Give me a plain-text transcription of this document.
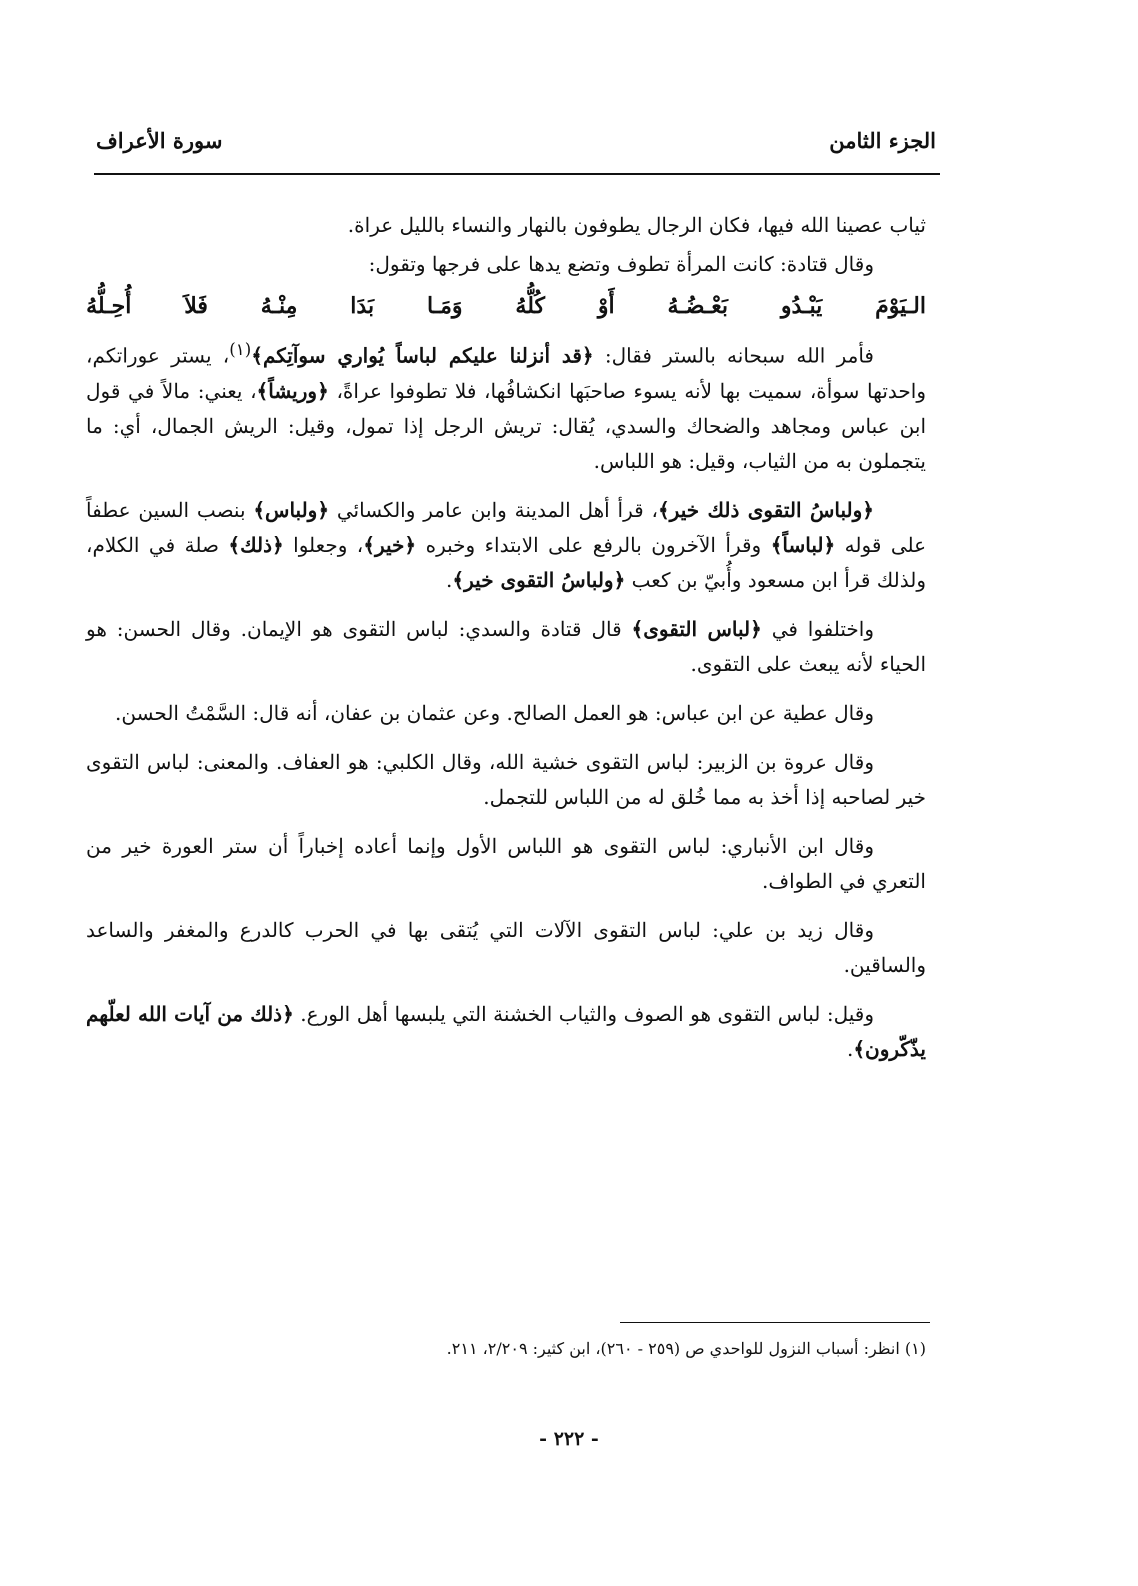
سورة الأعراف	الجزء الثامن

ثياب عصينا الله فيها، فكان الرجال يطوفون بالنهار والنساء بالليل عراة.

وقال قتادة: كانت المرأة تطوف وتضع يدها على فرجها وتقول:

الـيَوْمَ
يَبْـدُو
بَعْـضُـهُ
أَوْ
كُلُّهُ
وَمَـا
بَدَا
مِنْـهُ
فَلاَ
أُحِـلُّهُ

فأمر الله سبحانه بالستر فقال: ﴿قد أنزلنا عليكم لباساً يُواري سوآتِكم﴾$^{(١)}$، يستر عوراتكم، واحدتها سوأة، سميت بها لأنه يسوء صاحبَها انكشافُها، فلا تطوفوا عراةً، ﴿وريشاً﴾، يعني: مالاً في قول ابن عباس ومجاهد والضحاك والسدي، يُقال: تريش الرجل إذا تمول، وقيل: الريش الجمال، أي: ما يتجملون به من الثياب، وقيل: هو اللباس.

﴿ولباسُ التقوى ذلك خير﴾، قرأ أهل المدينة وابن عامر والكسائي ﴿ولباس﴾ بنصب السين عطفاً على قوله ﴿لباساً﴾ وقرأ الآخرون بالرفع على الابتداء وخبره ﴿خير﴾، وجعلوا ﴿ذلك﴾ صلة في الكلام، ولذلك قرأ ابن مسعود وأُبيّ بن كعب ﴿ولباسُ التقوى خير﴾.

واختلفوا في ﴿لباس التقوى﴾ قال قتادة والسدي: لباس التقوى هو الإيمان. وقال الحسن: هو الحياء لأنه يبعث على التقوى.

وقال عطية عن ابن عباس: هو العمل الصالح. وعن عثمان بن عفان، أنه قال: السَّمْتُ الحسن.

وقال عروة بن الزبير: لباس التقوى خشية الله، وقال الكلبي: هو العفاف. والمعنى: لباس التقوى خير لصاحبه إذا أخذ به مما خُلق له من اللباس للتجمل.

وقال ابن الأنباري: لباس التقوى هو اللباس الأول وإنما أعاده إخباراً أن ستر العورة خير من التعري في الطواف.

وقال زيد بن علي: لباس التقوى الآلات التي يُتقى بها في الحرب كالدرع والمغفر والساعد والساقين.

وقيل: لباس التقوى هو الصوف والثياب الخشنة التي يلبسها أهل الورع. ﴿ذلك من آيات الله لعلّهم يذّكّرون﴾.

(١) انظر: أسباب النزول للواحدي ص (٢٥٩ - ٢٦٠)، ابن كثير: ٢/٢٠٩، ٢١١.
- ٢٢٢ -
